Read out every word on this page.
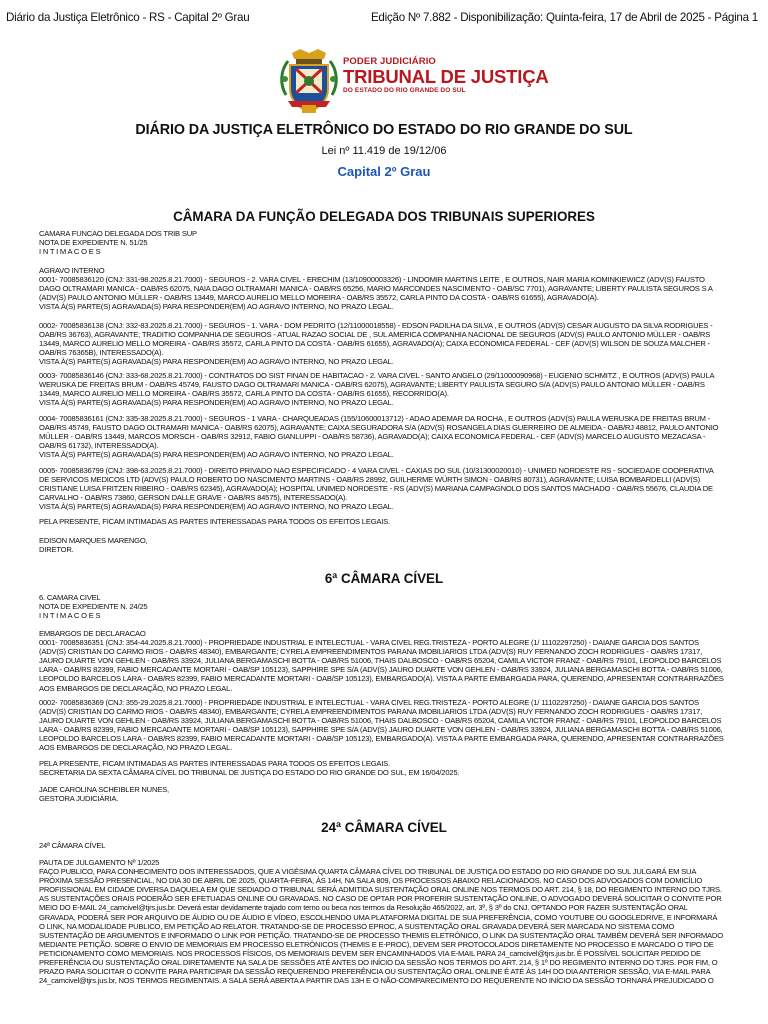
Diário da Justiça Eletrônico - RS - Capital 2º Grau	Edição Nº 7.882 - Disponibilização: Quinta-feira, 17 de Abril de 2025 - Página 1
PODER JUDICIÁRIO
TRIBUNAL DE JUSTIÇA
DO ESTADO DO RIO GRANDE DO SUL
DIÁRIO DA JUSTIÇA ELETRÔNICO DO ESTADO DO RIO GRANDE DO SUL
Lei nº 11.419 de 19/12/06
Capital 2º Grau
CÂMARA DA FUNÇÃO DELEGADA DOS TRIBUNAIS SUPERIORES
CAMARA FUNCAO DELEGADA DOS TRIB SUP
NOTA DE EXPEDIENTE N. 51/25
I N T I M A C O E S
AGRAVO INTERNO
0001- 70085836120 (CNJ: 331-98.2025.8.21.7000) - SEGUROS - 2. VARA CIVEL - ERECHIM (13/10900003326) - LINDOMIR MARTINS LEITE , E OUTROS, NAIR MARIA KOMINKIEWICZ (ADV(S) FAUSTO
DAGO OLTRAMARI MANICA - OAB/RS 62075, NAIA DAGO OLTRAMARI MANICA - OAB/RS 65256, MARIO MARCONDES NASCIMENTO - OAB/SC 7701), AGRAVANTE; LIBERTY PAULISTA SEGUROS S A
(ADV(S) PAULO ANTONIO MÜLLER - OAB/RS 13449, MARCO AURELIO MELLO MOREIRA - OAB/RS 35572, CARLA PINTO DA COSTA - OAB/RS 61655), AGRAVADO(A).
VISTA À(S) PARTE(S) AGRAVADA(S) PARA RESPONDER(EM) AO AGRAVO INTERNO, NO PRAZO LEGAL.
0002- 70085836138 (CNJ: 332-83.2025.8.21.7000) - SEGUROS - 1. VARA - DOM PEDRITO (12/11000018558) - EDSON PADILHA DA SILVA , E OUTROS (ADV(S) CESAR AUGUSTO DA SILVA RODRIGUES -
OAB/RS 36763), AGRAVANTE; TRADITIO COMPANHIA DE SEGUROS - ATUAL RAZAO SOCIAL DE , SUL AMERICA COMPANHIA NACIONAL DE SEGUROS (ADV(S) PAULO ANTONIO MÜLLER - OAB/RS
13449, MARCO AURELIO MELLO MOREIRA - OAB/RS 35572, CARLA PINTO DA COSTA - OAB/RS 61655), AGRAVADO(A); CAIXA ECONOMICA FEDERAL - CEF (ADV(S) WILSON DE SOUZA MALCHER -
OAB/RS 76365B), INTERESSADO(A).
VISTA À(S) PARTE(S) AGRAVADA(S) PARA RESPONDER(EM) AO AGRAVO INTERNO, NO PRAZO LEGAL.
0003- 70085836146 (CNJ: 333-68.2025.8.21.7000) - CONTRATOS DO SIST FINAN DE HABITACAO - 2. VARA CIVEL - SANTO ANGELO (29/11000090968) - EUGENIO SCHMITZ , E OUTROS (ADV(S) PAULA
WERUSKA DE FREITAS BRUM - OAB/RS 45749, FAUSTO DAGO OLTRAMARI MANICA - OAB/RS 62075), AGRAVANTE; LIBERTY PAULISTA SEGURO S/A (ADV(S) PAULO ANTONIO MÜLLER - OAB/RS
13449, MARCO AURELIO MELLO MOREIRA - OAB/RS 35572, CARLA PINTO DA COSTA - OAB/RS 61655), RECORRIDO(A).
VISTA À(S) PARTE(S) AGRAVADA(S) PARA RESPONDER(EM) AO AGRAVO INTERNO, NO PRAZO LEGAL.
0004- 70085836161 (CNJ: 335-38.2025.8.21.7000) - SEGUROS - 1 VARA - CHARQUEADAS (155/10600013712) - ADAO ADEMAR DA ROCHA , E OUTROS (ADV(S) PAULA WERUSKA DE FREITAS BRUM -
OAB/RS 45749, FAUSTO DAGO OLTRAMARI MANICA - OAB/RS 62075), AGRAVANTE; CAIXA SEGURADORA S/A (ADV(S) ROSANGELA DIAS GUERREIRO DE ALMEIDA - OAB/RJ 48812, PAULO ANTONIO
MÜLLER - OAB/RS 13449, MARCOS MORSCH - OAB/RS 32912, FABIO GIANLUPPI - OAB/RS 58736), AGRAVADO(A); CAIXA ECONOMICA FEDERAL - CEF (ADV(S) MARCELO AUGUSTO MEZACASA -
OAB/RS 61732), INTERESSADO(A).
VISTA À(S) PARTE(S) AGRAVADA(S) PARA RESPONDER(EM) AO AGRAVO INTERNO, NO PRAZO LEGAL.
0005- 70085836799 (CNJ: 398-63.2025.8.21.7000) - DIREITO PRIVADO NAO ESPECIFICADO - 4 VARA CIVEL - CAXIAS DO SUL (10/31300020010) - UNIMED NORDESTE RS - SOCIEDADE COOPERATIVA
DE SERVICOS MEDICOS LTD (ADV(S) PAULO ROBERTO DO NASCIMENTO MARTINS - OAB/RS 28992, GUILHERME WÜRTH SIMON - OAB/RS 80731), AGRAVANTE; LUISA BOMBARDELLI (ADV(S)
CRISTIANE LUISA FRITZEN RIBEIRO - OAB/RS 62345), AGRAVADO(A); HOSPITAL UNIMED NORDESTE - RS (ADV(S) MARIANA CAMPAGNOLO DOS SANTOS MACHADO - OAB/RS 55676, CLAUDIA DE
CARVALHO - OAB/RS 73860, GERSON DALLE GRAVE - OAB/RS 84575), INTERESSADO(A).
VISTA À(S) PARTE(S) AGRAVADA(S) PARA RESPONDER(EM) AO AGRAVO INTERNO, NO PRAZO LEGAL.
PELA PRESENTE, FICAM INTIMADAS AS PARTES INTERESSADAS PARA TODOS OS EFEITOS LEGAIS.
EDISON MARQUES MARENGO,
DIRETOR.
6ª CÂMARA CÍVEL
6. CAMARA CIVEL
NOTA DE EXPEDIENTE N. 24/25
I N T I M A C O E S
EMBARGOS DE DECLARACAO
0001- 70085836351 (CNJ: 354-44.2025.8.21.7000) - PROPRIEDADE INDUSTRIAL E INTELECTUAL - VARA CIVEL REG.TRISTEZA - PORTO ALEGRE (1/ 11102297250) - DAIANE GARCIA DOS SANTOS
(ADV(S) CRISTIAN DO CARMO RIOS - OAB/RS 48340), EMBARGANTE; CYRELA EMPREENDIMENTOS PARANA IMOBILIARIOS LTDA (ADV(S) RUY FERNANDO ZOCH RODRIGUES - OAB/RS 17317,
JAURO DUARTE VON GEHLEN - OAB/RS 33924, JULIANA BERGAMASCHI BOTTA - OAB/RS 51006, THAIS DALBOSCO - OAB/RS 65204, CAMILA VICTOR FRANZ - OAB/RS 79101, LEOPOLDO BARCELOS
LARA - OAB/RS 82399, FABIO MERCADANTE MORTARI - OAB/SP 105123), SAPPHIRE SPE S/A (ADV(S) JAURO DUARTE VON GEHLEN - OAB/RS 33924, JULIANA BERGAMASCHI BOTTA - OAB/RS 51006,
LEOPOLDO BARCELOS LARA - OAB/RS 82399, FABIO MERCADANTE MORTARI - OAB/SP 105123), EMBARGADO(A). VISTA A PARTE EMBARGADA PARA, QUERENDO, APRESENTAR CONTRARRAZÕES
AOS EMBARGOS DE DECLARAÇÃO, NO PRAZO LEGAL.
0002- 70085836369 (CNJ: 355-29.2025.8.21.7000) - PROPRIEDADE INDUSTRIAL E INTELECTUAL - VARA CIVEL REG.TRISTEZA - PORTO ALEGRE (1/ 11102297250) - DAIANE GARCIA DOS SANTOS
(ADV(S) CRISTIAN DO CARMO RIOS - OAB/RS 48340), EMBARGANTE; CYRELA EMPREENDIMENTOS PARANA IMOBILIARIOS LTDA (ADV(S) RUY FERNANDO ZOCH RODRIGUES - OAB/RS 17317,
JAURO DUARTE VON GEHLEN - OAB/RS 33924, JULIANA BERGAMASCHI BOTTA - OAB/RS 51006, THAIS DALBOSCO - OAB/RS 65204, CAMILA VICTOR FRANZ - OAB/RS 79101, LEOPOLDO BARCELOS
LARA - OAB/RS 82399, FABIO MERCADANTE MORTARI - OAB/SP 105123), SAPPHIRE SPE S/A (ADV(S) JAURO DUARTE VON GEHLEN - OAB/RS 33924, JULIANA BERGAMASCHI BOTTA - OAB/RS 51006,
LEOPOLDO BARCELOS LARA - OAB/RS 82399, FABIO MERCADANTE MORTARI - OAB/SP 105123), EMBARGADO(A). VISTA A PARTE EMBARGADA PARA, QUERENDO, APRESENTAR CONTRARRAZÕES
AOS EMBARGOS DE DECLARAÇÃO, NO PRAZO LEGAL.
PELA PRESENTE, FICAM INTIMADAS AS PARTES INTERESSADAS PARA TODOS OS EFEITOS LEGAIS.
SECRETARIA DA SEXTA CÂMARA CÍVEL DO TRIBUNAL DE JUSTIÇA DO ESTADO DO RIO GRANDE DO SUL, EM 16/04/2025.
JADE CAROLINA SCHEIBLER NUNES,
GESTORA JUDICIÁRIA.
24ª CÂMARA CÍVEL
24ª CÂMARA CÍVEL
PAUTA DE JULGAMENTO Nº 1/2025
FAÇO PUBLICO, PARA CONHECIMENTO DOS INTERESSADOS, QUE A VIGÉSIMA QUARTA CÂMARA CÍVEL DO TRIBUNAL DE JUSTIÇA DO ESTADO DO RIO GRANDE DO SUL JULGARÁ EM SUA
PRÓXIMA SESSÃO PRESENCIAL, NO DIA 30 DE ABRIL DE 2025, QUARTA-FEIRA, ÀS 14H, NA SALA 809, OS PROCESSOS ABAIXO RELACIONADOS. NO CASO DOS ADVOGADOS COM DOMICÍLIO
PROFISSIONAL EM CIDADE DIVERSA DAQUELA EM QUE SEDIADO O TRIBUNAL SERÁ ADMITIDA SUSTENTAÇÃO ORAL ONLINE NOS TERMOS DO ART. 214, § 18, DO REGIMENTO INTERNO DO TJRS.
AS SUSTENTAÇÕES ORAIS PODERÃO SER EFETUADAS ONLINE OU GRAVADAS. NO CASO DE OPTAR POR PROFERIR SUSTENTAÇÃO ONLINE, O ADVOGADO DEVERÁ SOLICITAR O CONVITE POR
MEIO DO E-MAIL 24_camcivel@tjrs.jus.br. Deverá estar devidamente trajado com terno ou beca nos termos da Resolução 465/2022, art. 3º, § 3º do CNJ. OPTANDO POR FAZER SUSTENTAÇÃO ORAL
GRAVADA, PODERÁ SER POR ARQUIVO DE ÁUDIO OU DE ÁUDIO E VÍDEO, ESCOLHENDO UMA PLATAFORMA DIGITAL DE SUA PREFERÊNCIA, COMO YOUTUBE OU GOOGLEDRIVE, E INFORMARÁ
O LINK, NA MODALIDADE PUBLICO, EM PETIÇÃO AO RELATOR. TRATANDO-SE DE PROCESSO EPROC, A SUSTENTAÇÃO ORAL GRAVADA DEVERÁ SER MARCADA NO SISTEMA COMO
SUSTENTAÇÃO DE ARGUMENTOS E INFORMADO O LINK POR PETIÇÃO. TRATANDO-SE DE PROCESSO THEMIS ELETRÔNICO, O LINK DA SUSTENTAÇÃO ORAL TAMBÉM DEVERÁ SER INFORMADO
MEDIANTE PETIÇÃO. SOBRE O ENVIO DE MEMORIAIS EM PROCESSO ELETRÔNICOS (THEMIS E E-PROC), DEVEM SER PROTOCOLADOS DIRETAMENTE NO PROCESSO E MARCADO O TIPO DE
PETICIONAMENTO COMO MEMORIAIS. NOS PROCESSOS FÍSICOS, OS MEMORIAIS DEVEM SER ENCAMINHADOS VIA E-MAIL PARA 24_camcivel@tjrs.jus.br. É POSSÍVEL SOLICITAR PEDIDO DE
PREFERÊNCIA OU SUSTENTAÇÃO ORAL DIRETAMENTE NA SALA DE SESSÕES ATÉ ANTES DO INÍCIO DA SESSÃO NOS TERMOS DO ART. 214, § 1º DO REGIMENTO INTERNO DO TJRS. POR FIM, O
PRAZO PARA SOLICITAR O CONVITE PARA PARTICIPAR DA SESSÃO REQUERENDO PREFERÊNCIA OU SUSTENTAÇÃO ORAL ONLINE É ATÉ ÀS 14H DO DIA ANTERIOR SESSÃO, VIA E-MAIL PARA
24_camcivel@tjrs.jus.br, NOS TERMOS REGIMENTAIS. A SALA SERÁ ABERTA A PARTIR DAS 13H E O NÃO-COMPARECIMENTO DO REQUERENTE NO INÍCIO DA SESSÃO TORNARÁ PREJUDICADO O
